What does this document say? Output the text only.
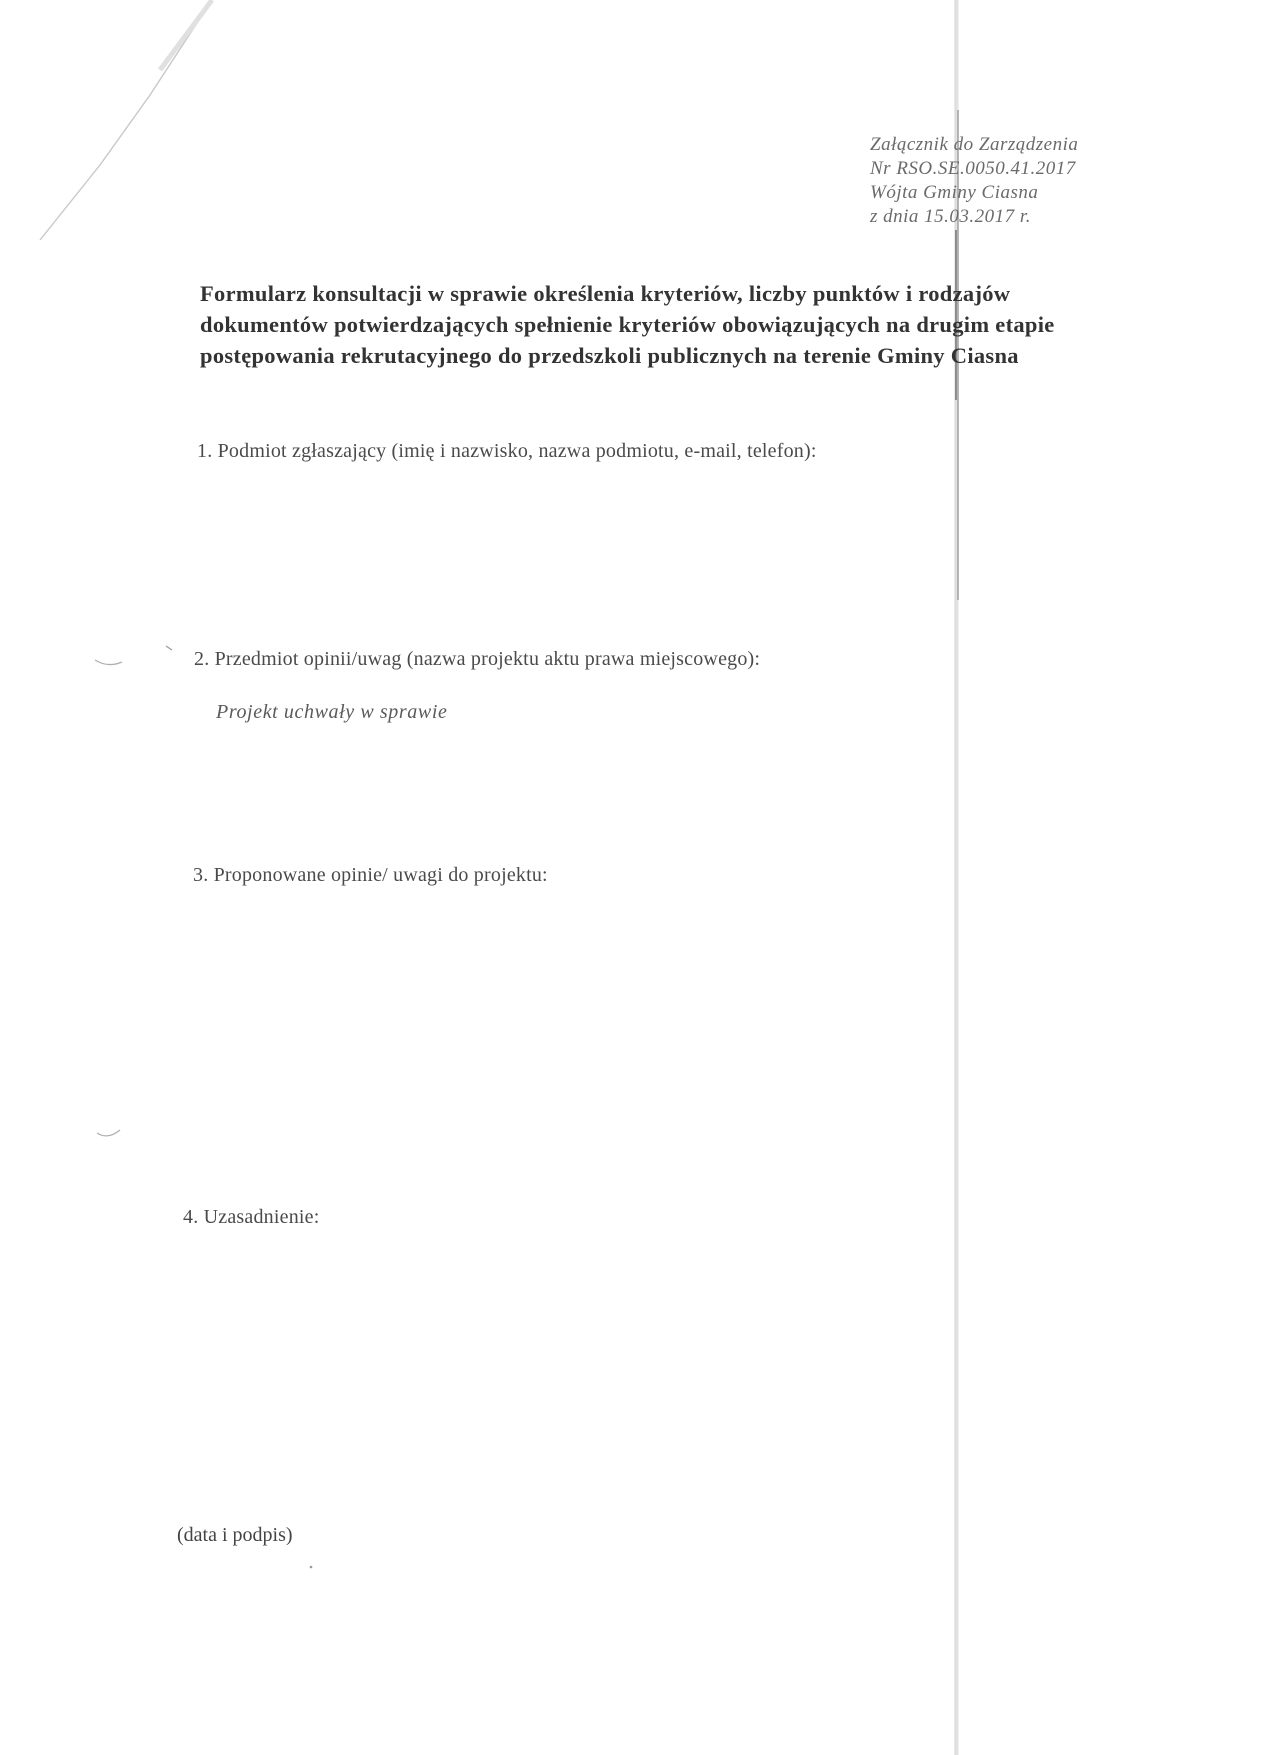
Załącznik do Zarządzenia
Nr RSO.SE.0050.41.2017
Wójta Gminy Ciasna
z dnia 15.03.2017 r.
Formularz konsultacji w sprawie określenia kryteriów, liczby punktów i rodzajów
dokumentów potwierdzających spełnienie kryteriów obowiązujących na drugim etapie
postępowania rekrutacyjnego do przedszkoli publicznych na terenie Gminy Ciasna
1. Podmiot zgłaszający (imię i nazwisko, nazwa podmiotu, e-mail, telefon):
2. Przedmiot opinii/uwag (nazwa projektu aktu prawa miejscowego):
Projekt uchwały w sprawie
3. Proponowane opinie/ uwagi do projektu:
4. Uzasadnienie:
(data i podpis)
